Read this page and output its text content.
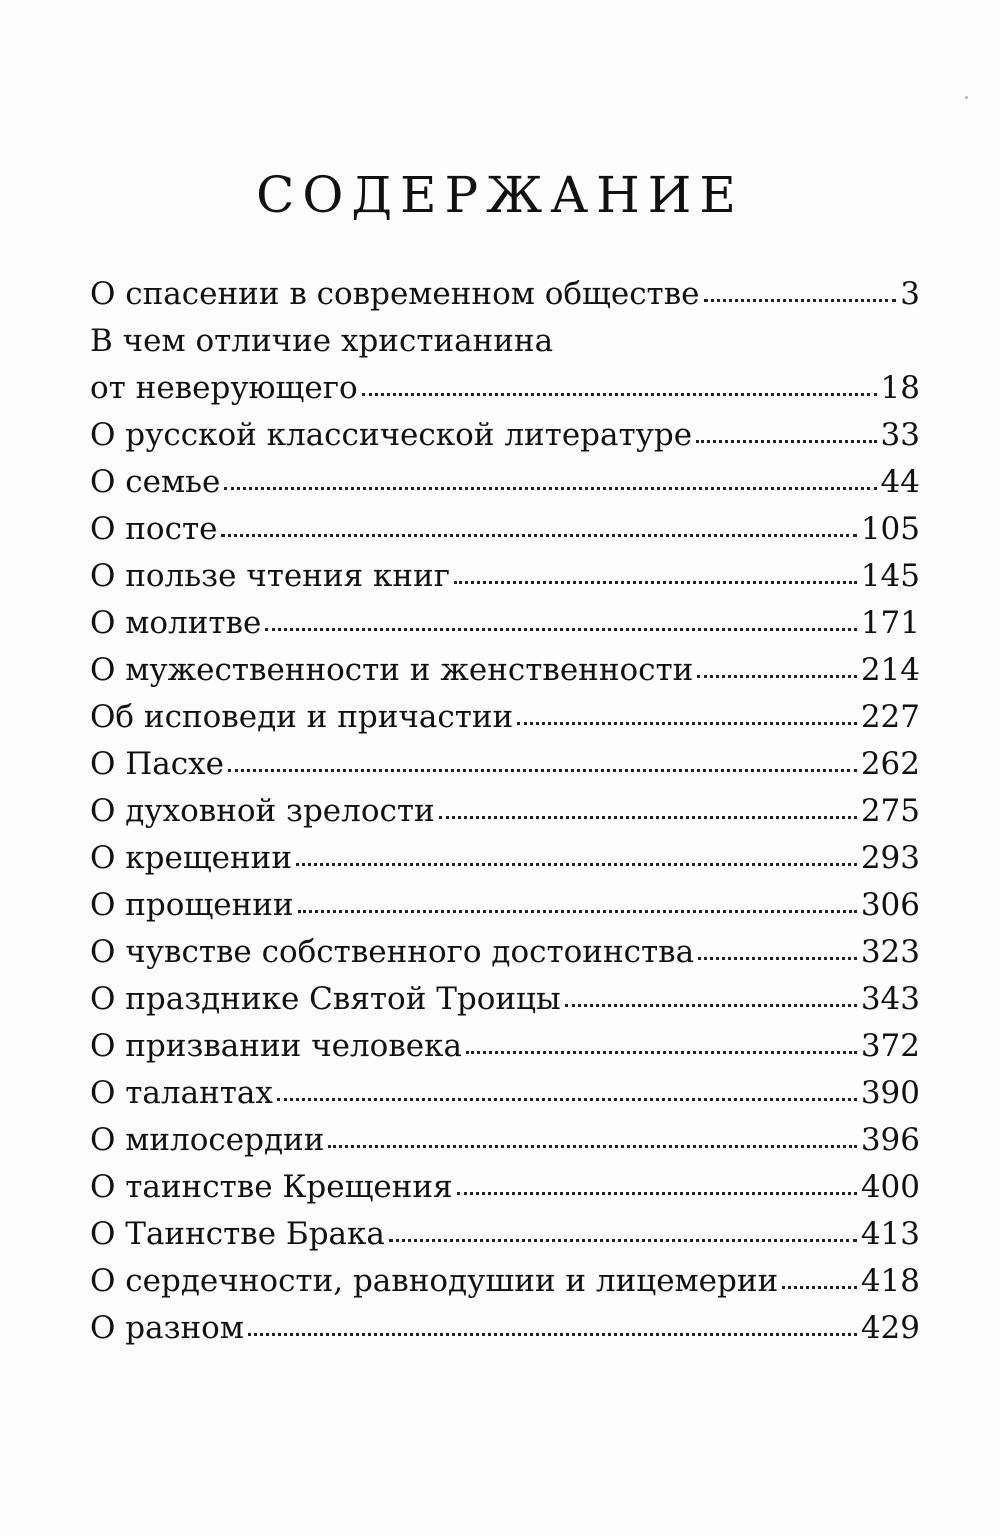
СОДЕРЖАНИЕ
О спасении в современном обществе	3
В чем отличие христианина
от неверующего	18
О русской классической литературе	33
О семье	44
О посте	105
О пользе чтения книг	145
О молитве	171
О мужественности и женственности	214
Об исповеди и причастии	227
О Пасхе	262
О духовной зрелости	275
О крещении	293
О прощении	306
О чувстве собственного достоинства	323
О празднике Святой Троицы	343
О призвании человека	372
О талантах	390
О милосердии	396
О таинстве Крещения	400
О Таинстве Брака	413
О сердечности, равнодушии и лицемерии	418
О разном	429
